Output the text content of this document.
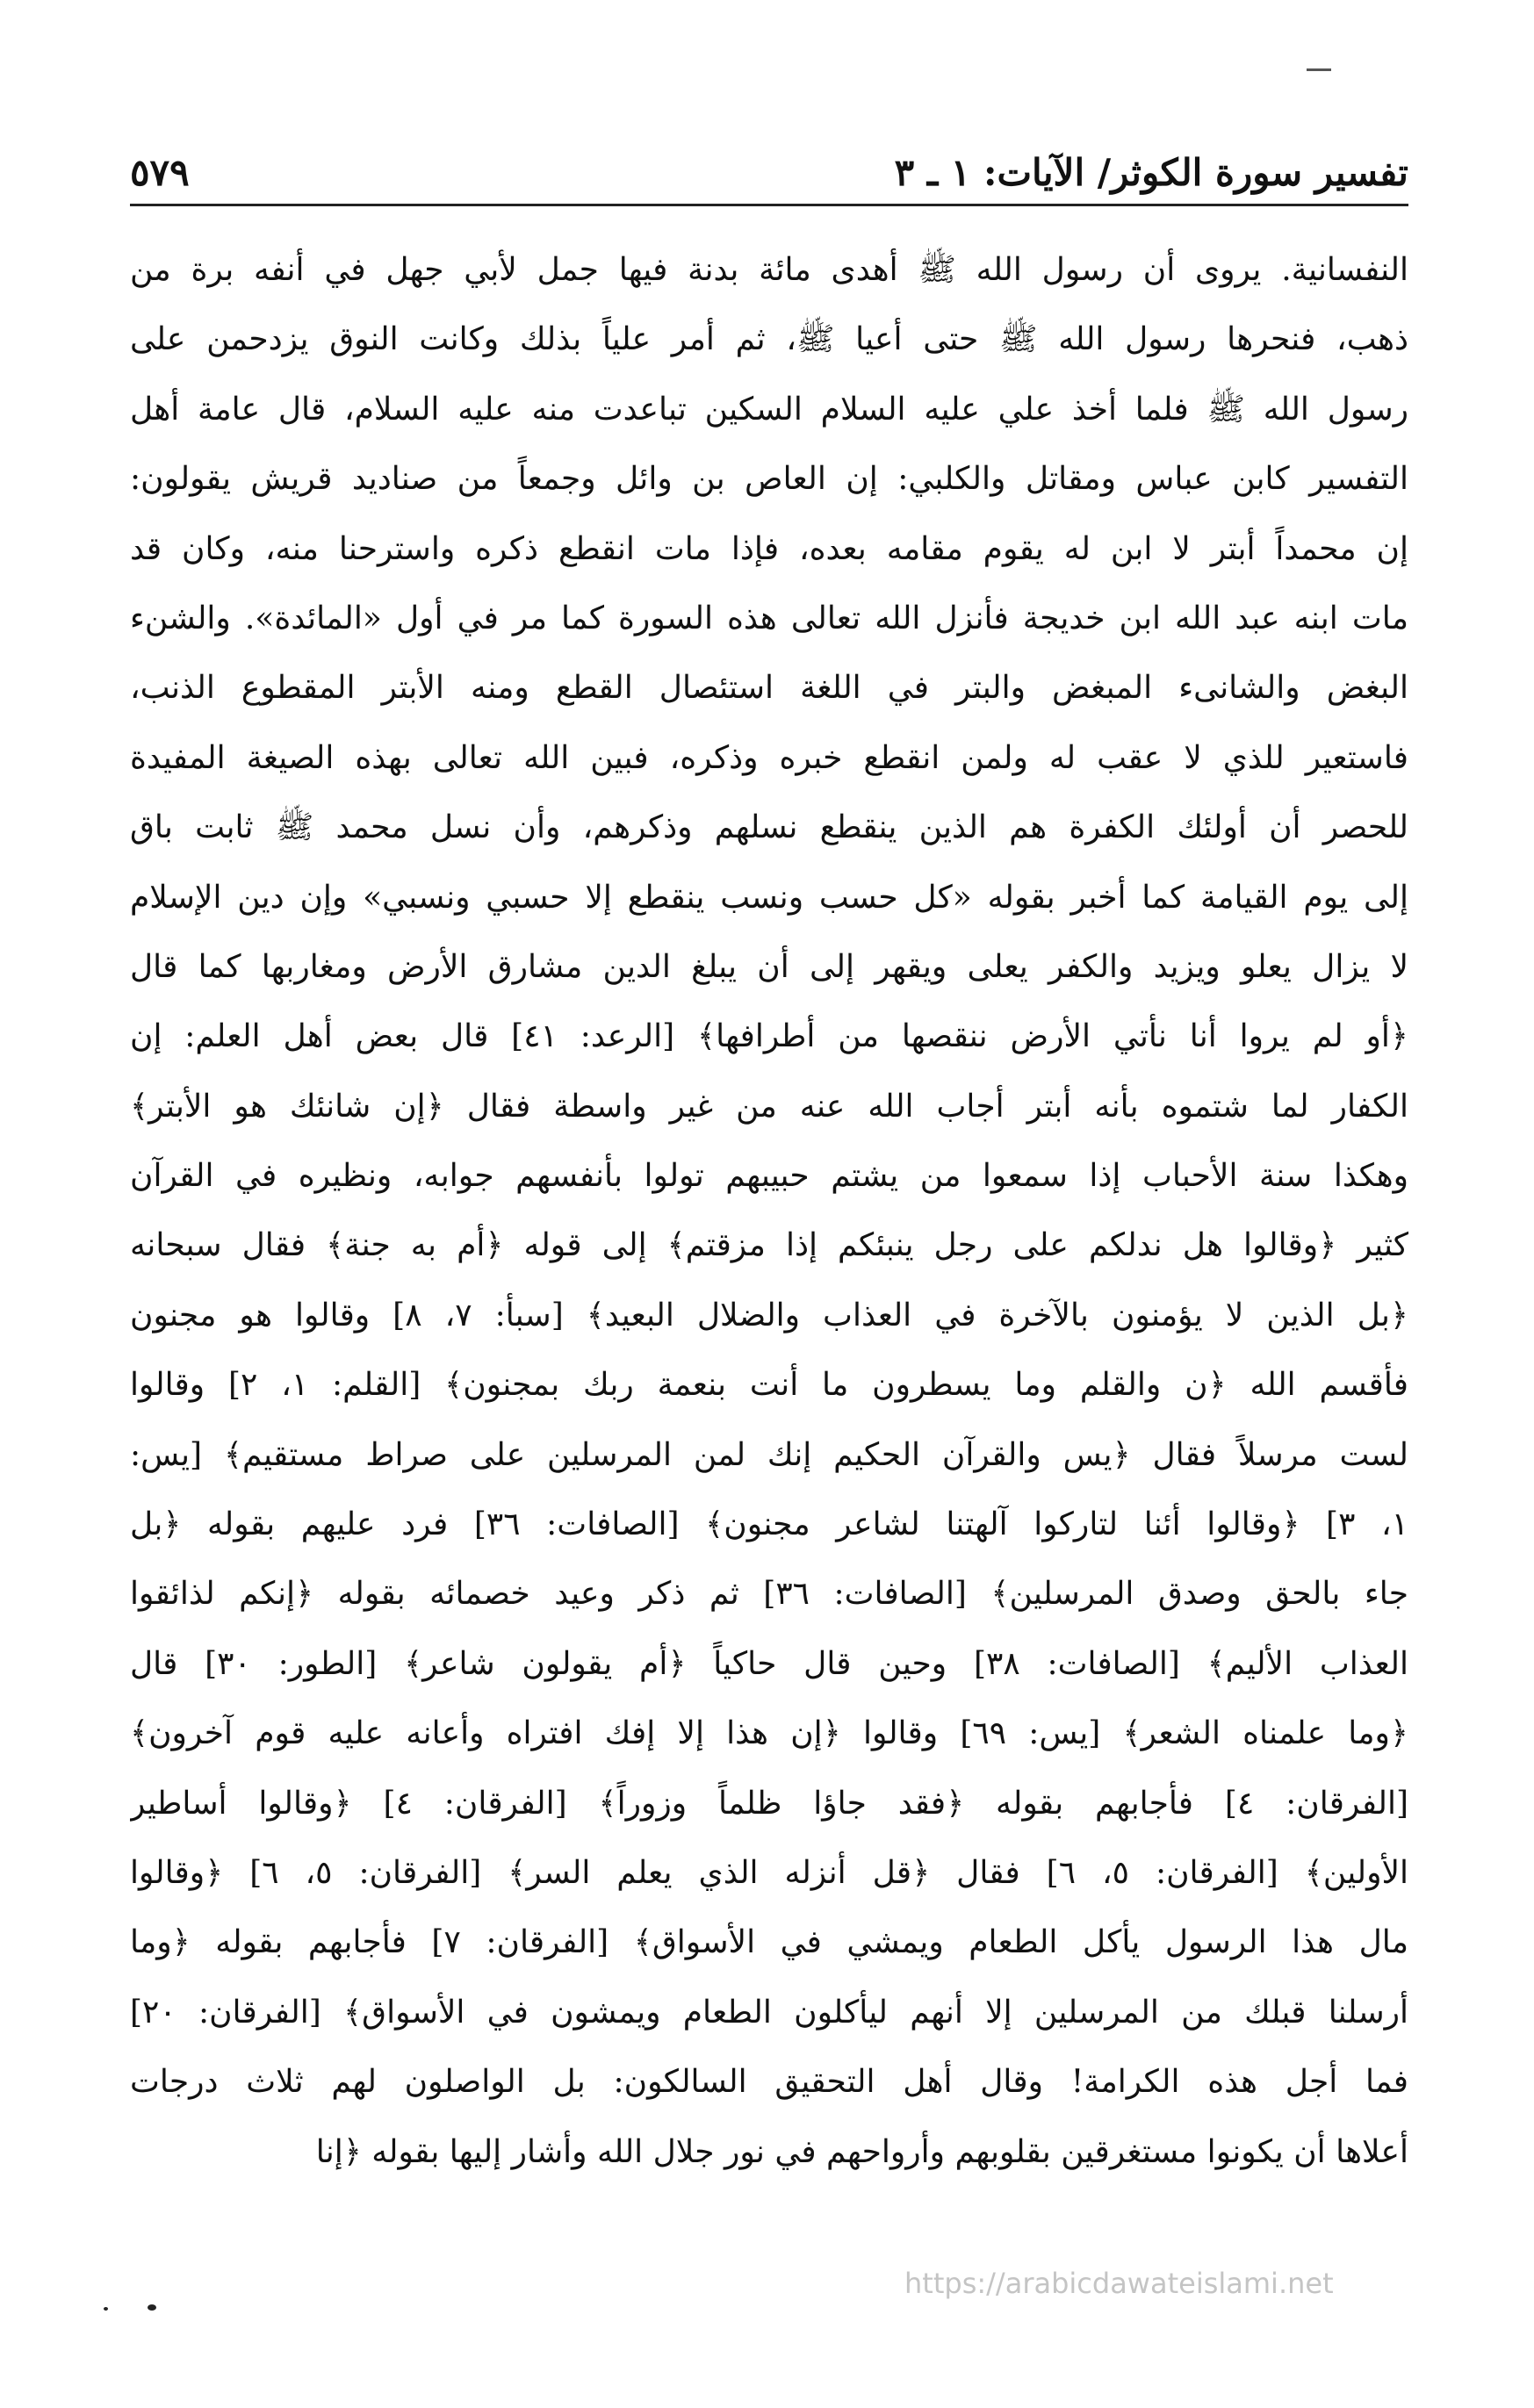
تفسير سورة الكوثر/ الآيات: ١ ـ ٣
٥٧٩
النفسانية. يروى أن رسول الله ﷺ أهدى مائة بدنة فيها جمل لأبي جهل في أنفه برة من
ذهب، فنحرها رسول الله ﷺ حتى أعيا ﷺ، ثم أمر علياً بذلك وكانت النوق يزدحمن على
رسول الله ﷺ فلما أخذ علي عليه السلام السكين تباعدت منه عليه السلام، قال عامة أهل
التفسير كابن عباس ومقاتل والكلبي: إن العاص بن وائل وجمعاً من صناديد قريش يقولون:
إن محمداً أبتر لا ابن له يقوم مقامه بعده، فإذا مات انقطع ذكره واسترحنا منه، وكان قد
مات ابنه عبد الله ابن خديجة فأنزل الله تعالى هذه السورة كما مر في أول «المائدة». والشنء
البغض والشانىء المبغض والبتر في اللغة استئصال القطع ومنه الأبتر المقطوع الذنب،
فاستعير للذي لا عقب له ولمن انقطع خبره وذكره، فبين الله تعالى بهذه الصيغة المفيدة
للحصر أن أولئك الكفرة هم الذين ينقطع نسلهم وذكرهم، وأن نسل محمد ﷺ ثابت باق
إلى يوم القيامة كما أخبر بقوله «كل حسب ونسب ينقطع إلا حسبي ونسبي» وإن دين الإسلام
لا يزال يعلو ويزيد والكفر يعلى ويقهر إلى أن يبلغ الدين مشارق الأرض ومغاربها كما قال
﴿أو لم يروا أنا نأتي الأرض ننقصها من أطرافها﴾ [الرعد: ٤١] قال بعض أهل العلم: إن
الكفار لما شتموه بأنه أبتر أجاب الله عنه من غير واسطة فقال ﴿إن شانئك هو الأبتر﴾
وهكذا سنة الأحباب إذا سمعوا من يشتم حبيبهم تولوا بأنفسهم جوابه، ونظيره في القرآن
كثير ﴿وقالوا هل ندلكم على رجل ينبئكم إذا مزقتم﴾ إلى قوله ﴿أم به جنة﴾ فقال سبحانه
﴿بل الذين لا يؤمنون بالآخرة في العذاب والضلال البعيد﴾ [سبأ: ٧، ٨] وقالوا هو مجنون
فأقسم الله ﴿ن والقلم وما يسطرون ما أنت بنعمة ربك بمجنون﴾ [القلم: ١، ٢] وقالوا
لست مرسلاً فقال ﴿يس والقرآن الحكيم إنك لمن المرسلين على صراط مستقيم﴾ [يس:
١، ٣] ﴿وقالوا أئنا لتاركوا آلهتنا لشاعر مجنون﴾ [الصافات: ٣٦] فرد عليهم بقوله ﴿بل
جاء بالحق وصدق المرسلين﴾ [الصافات: ٣٦] ثم ذكر وعيد خصمائه بقوله ﴿إنكم لذائقوا
العذاب الأليم﴾ [الصافات: ٣٨] وحين قال حاكياً ﴿أم يقولون شاعر﴾ [الطور: ٣٠] قال
﴿وما علمناه الشعر﴾ [يس: ٦٩] وقالوا ﴿إن هذا إلا إفك افتراه وأعانه عليه قوم آخرون﴾
[الفرقان: ٤] فأجابهم بقوله ﴿فقد جاؤا ظلماً وزوراً﴾ [الفرقان: ٤] ﴿وقالوا أساطير
الأولين﴾ [الفرقان: ٥، ٦] فقال ﴿قل أنزله الذي يعلم السر﴾ [الفرقان: ٥، ٦] ﴿وقالوا
مال هذا الرسول يأكل الطعام ويمشي في الأسواق﴾ [الفرقان: ٧] فأجابهم بقوله ﴿وما
أرسلنا قبلك من المرسلين إلا أنهم ليأكلون الطعام ويمشون في الأسواق﴾ [الفرقان: ٢٠]
فما أجل هذه الكرامة! وقال أهل التحقيق السالكون: بل الواصلون لهم ثلاث درجات
أعلاها أن يكونوا مستغرقين بقلوبهم وأرواحهم في نور جلال الله وأشار إليها بقوله ﴿إنا
https://arabicdawateislami.net
